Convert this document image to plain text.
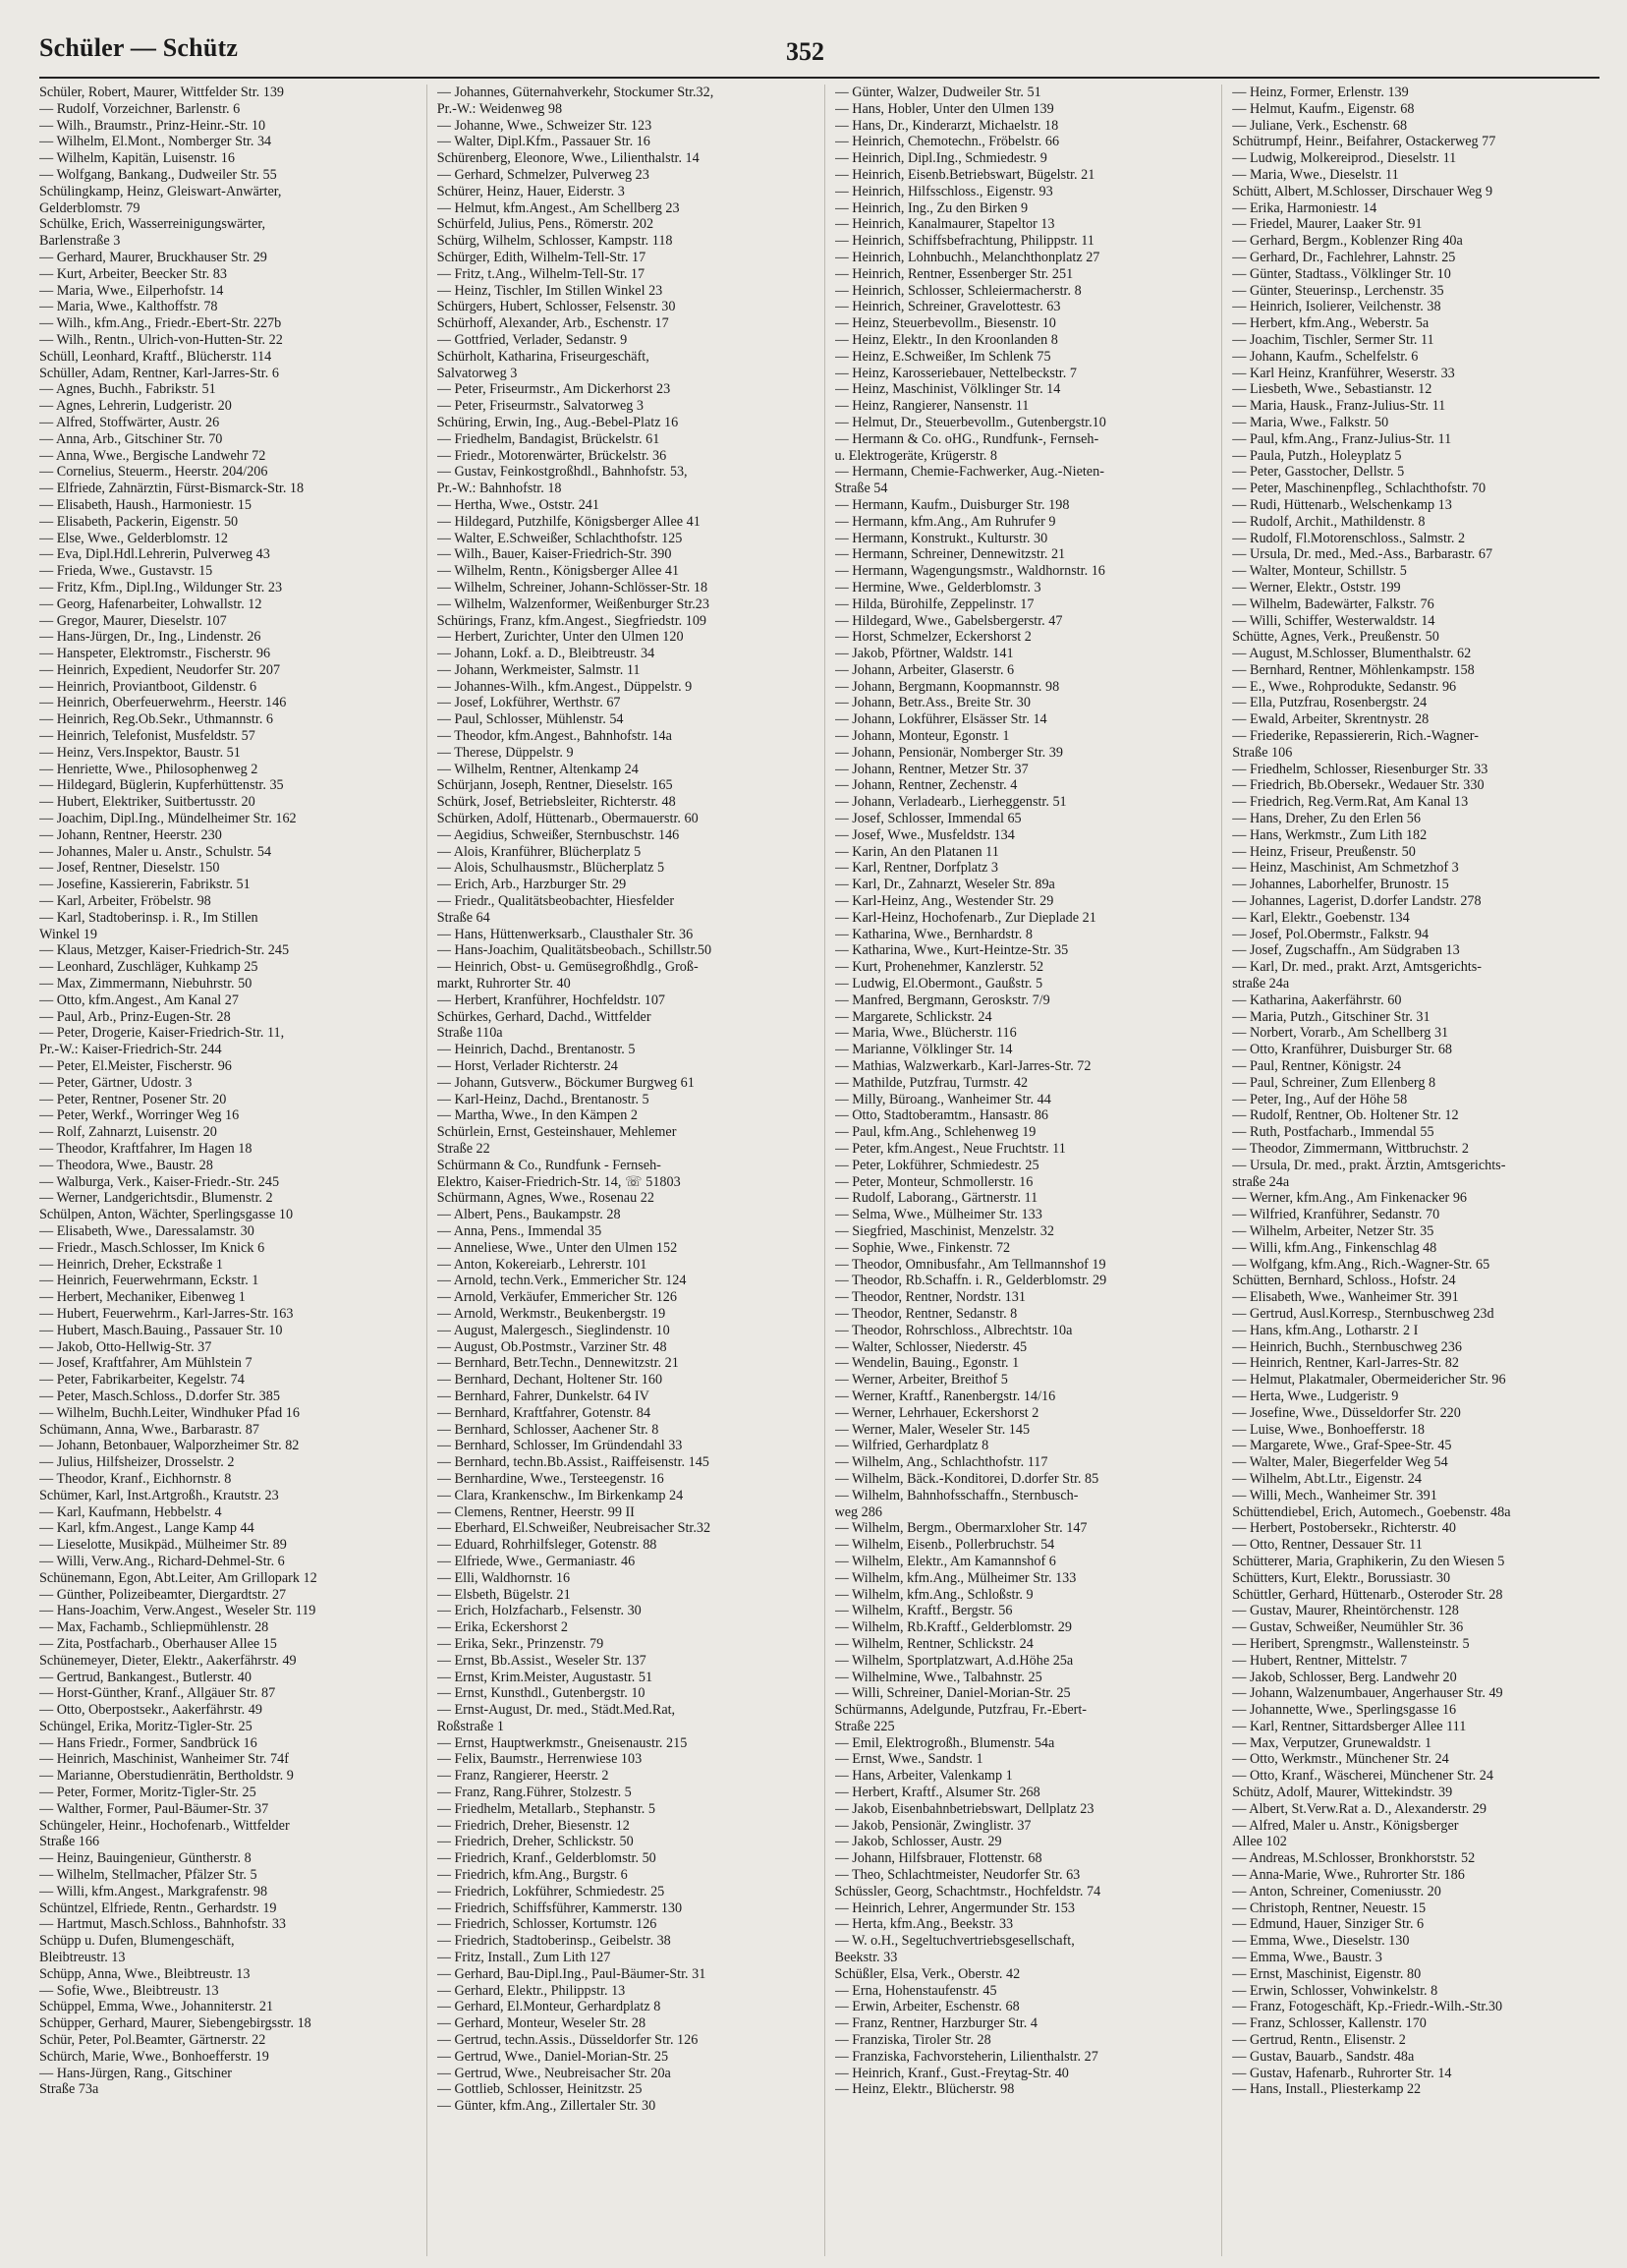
Schüler — Schütz	352
Schüler, Robert, Maurer, Wittfelder Str. 139
— Rudolf, Vorzeichner, Barlenstr. 6
— Wilh., Braumstr., Prinz-Heinr.-Str. 10
— Wilhelm, El.Mont., Nomberger Str. 34
— Wilhelm, Kapitän, Luisenstr. 16
— Wolfgang, Bankang., Dudweiler Str. 55
Schülingkamp, Heinz, Gleiswart-Anwärter,
Gelderblomstr. 79
Schülke, Erich, Wasserreinigungswärter,
Barlenstraße 3
— Gerhard, Maurer, Bruckhauser Str. 29
— Kurt, Arbeiter, Beecker Str. 83
— Maria, Wwe., Eilperhofstr. 14
— Maria, Wwe., Kalthoffstr. 78
— Wilh., kfm.Ang., Friedr.-Ebert-Str. 227b
— Wilh., Rentn., Ulrich-von-Hutten-Str. 22
Schüll, Leonhard, Kraftf., Blücherstr. 114
Schüller, Adam, Rentner, Karl-Jarres-Str. 6
— Agnes, Buchh., Fabrikstr. 51
— Agnes, Lehrerin, Ludgeristr. 20
— Alfred, Stoffwärter, Austr. 26
— Anna, Arb., Gitschiner Str. 70
— Anna, Wwe., Bergische Landwehr 72
— Cornelius, Steuerm., Heerstr. 204/206
— Elfriede, Zahnärztin, Fürst-Bismarck-Str. 18
— Elisabeth, Haush., Harmoniestr. 15
— Elisabeth, Packerin, Eigenstr. 50
— Else, Wwe., Gelderblomstr. 12
— Eva, Dipl.Hdl.Lehrerin, Pulverweg 43
— Frieda, Wwe., Gustavstr. 15
— Fritz, Kfm., Dipl.Ing., Wildunger Str. 23
— Georg, Hafenarbeiter, Lohwallstr. 12
— Gregor, Maurer, Dieselstr. 107
— Hans-Jürgen, Dr., Ing., Lindenstr. 26
— Hanspeter, Elektromstr., Fischerstr. 96
— Heinrich, Expedient, Neudorfer Str. 207
— Heinrich, Proviantboot, Gildenstr. 6
— Heinrich, Oberfeuerwehrm., Heerstr. 146
— Heinrich, Reg.Ob.Sekr., Uthmannstr. 6
— Heinrich, Telefonist, Musfeldstr. 57
— Heinz, Vers.Inspektor, Baustr. 51
— Henriette, Wwe., Philosophenweg 2
— Hildegard, Büglerin, Kupferhüttenstr. 35
— Hubert, Elektriker, Suitbertusstr. 20
— Joachim, Dipl.Ing., Mündelheimer Str. 162
— Johann, Rentner, Heerstr. 230
— Johannes, Maler u. Anstr., Schulstr. 54
— Josef, Rentner, Dieselstr. 150
— Josefine, Kassiererin, Fabrikstr. 51
— Karl, Arbeiter, Fröbelstr. 98
— Karl, Stadtoberinsp. i. R., Im Stillen
Winkel 19
— Klaus, Metzger, Kaiser-Friedrich-Str. 245
— Leonhard, Zuschläger, Kuhkamp 25
— Max, Zimmermann, Niebuhrstr. 50
— Otto, kfm.Angest., Am Kanal 27
— Paul, Arb., Prinz-Eugen-Str. 28
— Peter, Drogerie, Kaiser-Friedrich-Str. 11,
Pr.-W.: Kaiser-Friedrich-Str. 244
— Peter, El.Meister, Fischerstr. 96
— Peter, Gärtner, Udostr. 3
— Peter, Rentner, Posener Str. 20
— Peter, Werkf., Worringer Weg 16
— Rolf, Zahnarzt, Luisenstr. 20
— Theodor, Kraftfahrer, Im Hagen 18
— Theodora, Wwe., Baustr. 28
— Walburga, Verk., Kaiser-Friedr.-Str. 245
— Werner, Landgerichtsdir., Blumenstr. 2
Schülpen, Anton, Wächter, Sperlingsgasse 10
— Elisabeth, Wwe., Daressalamstr. 30
— Friedr., Masch.Schlosser, Im Knick 6
— Heinrich, Dreher, Eckstraße 1
— Heinrich, Feuerwehrmann, Eckstr. 1
— Herbert, Mechaniker, Eibenweg 1
— Hubert, Feuerwehrm., Karl-Jarres-Str. 163
— Hubert, Masch.Bauing., Passauer Str. 10
— Jakob, Otto-Hellwig-Str. 37
— Josef, Kraftfahrer, Am Mühlstein 7
— Peter, Fabrikarbeiter, Kegelstr. 74
— Peter, Masch.Schloss., D.dorfer Str. 385
— Wilhelm, Buchh.Leiter, Windhuker Pfad 16
Schümann, Anna, Wwe., Barbarastr. 87
— Johann, Betonbauer, Walporzheimer Str. 82
— Julius, Hilfsheizer, Drosselstr. 2
— Theodor, Kranf., Eichhornstr. 8
Schümer, Karl, Inst.Artgroßh., Krautstr. 23
— Karl, Kaufmann, Hebbelstr. 4
— Karl, kfm.Angest., Lange Kamp 44
— Lieselotte, Musikpäd., Mülheimer Str. 89
— Willi, Verw.Ang., Richard-Dehmel-Str. 6
Schünemann, Egon, Abt.Leiter, Am Grillopark 12
— Günther, Polizeibeamter, Diergardtstr. 27
— Hans-Joachim, Verw.Angest., Weseler Str. 119
— Max, Fachamb., Schliepmühlenstr. 28
— Zita, Postfacharb., Oberhauser Allee 15
Schünemeyer, Dieter, Elektr., Aakerfährstr. 49
— Gertrud, Bankangest., Butlerstr. 40
— Horst-Günther, Kranf., Allgäuer Str. 87
— Otto, Oberpostsekr., Aakerfährstr. 49
Schüngel, Erika, Moritz-Tigler-Str. 25
— Hans Friedr., Former, Sandbrück 16
— Heinrich, Maschinist, Wanheimer Str. 74f
— Marianne, Oberstudienrätin, Bertholdstr. 9
— Peter, Former, Moritz-Tigler-Str. 25
— Walther, Former, Paul-Bäumer-Str. 37
Schüngeler, Heinr., Hochofenarb., Wittfelder
Straße 166
— Heinz, Bauingenieur, Güntherstr. 8
— Wilhelm, Stellmacher, Pfälzer Str. 5
— Willi, kfm.Angest., Markgrafenstr. 98
Schüntzel, Elfriede, Rentn., Gerhardstr. 19
— Hartmut, Masch.Schloss., Bahnhofstr. 33
Schüpp u. Dufen, Blumengeschäft,
Bleibtreustr. 13
Schüpp, Anna, Wwe., Bleibtreustr. 13
— Sofie, Wwe., Bleibtreustr. 13
Schüppel, Emma, Wwe., Johanniterstr. 21
Schüpper, Gerhard, Maurer, Siebengebirgsstr. 18
Schür, Peter, Pol.Beamter, Gärtnerstr. 22
Schürch, Marie, Wwe., Bonhoefferstr. 19
— Hans-Jürgen, Rang., Gitschiner
Straße 73a
— Johannes, Güternahverkehr, Stockumer Str.32,
Pr.-W.: Weidenweg 98
— Johanne, Wwe., Schweizer Str. 123
— Walter, Dipl.Kfm., Passauer Str. 16
Schürenberg, Eleonore, Wwe., Lilienthalstr. 14
— Gerhard, Schmelzer, Pulverweg 23
Schürer, Heinz, Hauer, Eiderstr. 3
— Helmut, kfm.Angest., Am Schellberg 23
Schürfeld, Julius, Pens., Römerstr. 202
Schürg, Wilhelm, Schlosser, Kampstr. 118
Schürger, Edith, Wilhelm-Tell-Str. 17
— Fritz, t.Ang., Wilhelm-Tell-Str. 17
— Heinz, Tischler, Im Stillen Winkel 23
Schürgers, Hubert, Schlosser, Felsenstr. 30
Schürhoff, Alexander, Arb., Eschenstr. 17
— Gottfried, Verlader, Sedanstr. 9
Schürholt, Katharina, Friseurgeschäft,
Salvatorweg 3
— Peter, Friseurmstr., Am Dickerhorst 23
— Peter, Friseurmstr., Salvatorweg 3
Schüring, Erwin, Ing., Aug.-Bebel-Platz 16
— Friedhelm, Bandagist, Brückelstr. 61
— Friedr., Motorenwärter, Brückelstr. 36
— Gustav, Feinkostgroßhdl., Bahnhofstr. 53,
Pr.-W.: Bahnhofstr. 18
— Hertha, Wwe., Oststr. 241
— Hildegard, Putzhilfe, Königsberger Allee 41
— Walter, E.Schweißer, Schlachthofstr. 125
— Wilh., Bauer, Kaiser-Friedrich-Str. 390
— Wilhelm, Rentn., Königsberger Allee 41
— Wilhelm, Schreiner, Johann-Schlösser-Str. 18
— Wilhelm, Walzenformer, Weißenburger Str.23
Schürings, Franz, kfm.Angest., Siegfriedstr. 109
— Herbert, Zurichter, Unter den Ulmen 120
— Johann, Lokf. a. D., Bleibtreustr. 34
— Johann, Werkmeister, Salmstr. 11
— Johannes-Wilh., kfm.Angest., Düppelstr. 9
— Josef, Lokführer, Werthstr. 67
— Paul, Schlosser, Mühlenstr. 54
— Theodor, kfm.Angest., Bahnhofstr. 14a
— Therese, Düppelstr. 9
— Wilhelm, Rentner, Altenkamp 24
Schürjann, Joseph, Rentner, Dieselstr. 165
Schürk, Josef, Betriebsleiter, Richterstr. 48
Schürken, Adolf, Hüttenarb., Obermauerstr. 60
— Aegidius, Schweißer, Sternbuschstr. 146
— Alois, Kranführer, Blücherplatz 5
— Alois, Schulhausmstr., Blücherplatz 5
— Erich, Arb., Harzburger Str. 29
— Friedr., Qualitätsbeobachter, Hiesfelder
Straße 64
— Hans, Hüttenwerksarb., Clausthaler Str. 36
— Hans-Joachim, Qualitätsbeobach., Schillstr.50
— Heinrich, Obst- u. Gemüsegroßhdlg., Groß-
markt, Ruhrorter Str. 40
— Herbert, Kranführer, Hochfeldstr. 107
Schürkes, Gerhard, Dachd., Wittfelder
Straße 110a
— Heinrich, Dachd., Brentanostr. 5
— Horst, Verlader Richterstr. 24
— Johann, Gutsverw., Böckumer Burgweg 61
— Karl-Heinz, Dachd., Brentanostr. 5
— Martha, Wwe., In den Kämpen 2
Schürlein, Ernst, Gesteinshauer, Mehlemer
Straße 22
Schürmann & Co., Rundfunk - Fernseh-
Elektro, Kaiser-Friedrich-Str. 14, ☏ 51803
Schürmann, Agnes, Wwe., Rosenau 22
— Albert, Pens., Baukampstr. 28
— Anna, Pens., Immendal 35
— Anneliese, Wwe., Unter den Ulmen 152
— Anton, Kokereiarb., Lehrerstr. 101
— Arnold, techn.Verk., Emmericher Str. 124
— Arnold, Verkäufer, Emmericher Str. 126
— Arnold, Werkmstr., Beukenbergstr. 19
— August, Malergesch., Sieglindenstr. 10
— August, Ob.Postmstr., Varziner Str. 48
— Bernhard, Betr.Techn., Dennewitzstr. 21
— Bernhard, Dechant, Holtener Str. 160
— Bernhard, Fahrer, Dunkelstr. 64 IV
— Bernhard, Kraftfahrer, Gotenstr. 84
— Bernhard, Schlosser, Aachener Str. 8
— Bernhard, Schlosser, Im Gründendahl 33
— Bernhard, techn.Bb.Assist., Raiffeisenstr. 145
— Bernhardine, Wwe., Tersteegenstr. 16
— Clara, Krankenschw., Im Birkenkamp 24
— Clemens, Rentner, Heerstr. 99 II
— Eberhard, El.Schweißer, Neubreisacher Str.32
— Eduard, Rohrhilfsleger, Gotenstr. 88
— Elfriede, Wwe., Germaniastr. 46
— Elli, Waldhornstr. 16
— Elsbeth, Bügelstr. 21
— Erich, Holzfacharb., Felsenstr. 30
— Erika, Eckershorst 2
— Erika, Sekr., Prinzenstr. 79
— Ernst, Bb.Assist., Weseler Str. 137
— Ernst, Krim.Meister, Augustastr. 51
— Ernst, Kunsthdl., Gutenbergstr. 10
— Ernst-August, Dr. med., Städt.Med.Rat,
Roßstraße 1
— Ernst, Hauptwerkmstr., Gneisenaustr. 215
— Felix, Baumstr., Herrenwiese 103
— Franz, Rangierer, Heerstr. 2
— Franz, Rang.Führer, Stolzestr. 5
— Friedhelm, Metallarb., Stephanstr. 5
— Friedrich, Dreher, Biesenstr. 12
— Friedrich, Dreher, Schlickstr. 50
— Friedrich, Kranf., Gelderblomstr. 50
— Friedrich, kfm.Ang., Burgstr. 6
— Friedrich, Lokführer, Schmiedestr. 25
— Friedrich, Schiffsführer, Kammerstr. 130
— Friedrich, Schlosser, Kortumstr. 126
— Friedrich, Stadtoberinsp., Geibelstr. 38
— Fritz, Install., Zum Lith 127
— Gerhard, Bau-Dipl.Ing., Paul-Bäumer-Str. 31
— Gerhard, Elektr., Philippstr. 13
— Gerhard, El.Monteur, Gerhardplatz 8
— Gerhard, Monteur, Weseler Str. 28
— Gertrud, techn.Assis., Düsseldorfer Str. 126
— Gertrud, Wwe., Daniel-Morian-Str. 25
— Gertrud, Wwe., Neubreisacher Str. 20a
— Gottlieb, Schlosser, Heinitzstr. 25
— Günter, kfm.Ang., Zillertaler Str. 30
— Günter, Walzer, Dudweiler Str. 51
— Hans, Hobler, Unter den Ulmen 139
— Hans, Dr., Kinderarzt, Michaelstr. 18
— Heinrich, Chemotechn., Fröbelstr. 66
— Heinrich, Dipl.Ing., Schmiedestr. 9
— Heinrich, Eisenb.Betriebswart, Bügelstr. 21
— Heinrich, Hilfsschloss., Eigenstr. 93
— Heinrich, Ing., Zu den Birken 9
— Heinrich, Kanalmaurer, Stapeltor 13
— Heinrich, Schiffsbefrachtung, Philippstr. 11
— Heinrich, Lohnbuchh., Melanchthonplatz 27
— Heinrich, Rentner, Essenberger Str. 251
— Heinrich, Schlosser, Schleiermacherstr. 8
— Heinrich, Schreiner, Gravelottestr. 63
— Heinz, Steuerbevollm., Biesenstr. 10
— Heinz, Elektr., In den Kroonlanden 8
— Heinz, E.Schweißer, Im Schlenk 75
— Heinz, Karosseriebauer, Nettelbeckstr. 7
— Heinz, Maschinist, Völklinger Str. 14
— Heinz, Rangierer, Nansenstr. 11
— Helmut, Dr., Steuerbevollm., Gutenbergstr.10
— Hermann & Co. oHG., Rundfunk-, Fernseh-
u. Elektrogeräte, Krügerstr. 8
— Hermann, Chemie-Fachwerker, Aug.-Nieten-
Straße 54
— Hermann, Kaufm., Duisburger Str. 198
— Hermann, kfm.Ang., Am Ruhrufer 9
— Hermann, Konstrukt., Kulturstr. 30
— Hermann, Schreiner, Dennewitzstr. 21
— Hermann, Wagengungsmstr., Waldhornstr. 16
— Hermine, Wwe., Gelderblomstr. 3
— Hilda, Bürohilfe, Zeppelinstr. 17
— Hildegard, Wwe., Gabelsbergerstr. 47
— Horst, Schmelzer, Eckershorst 2
— Jakob, Pförtner, Waldstr. 141
— Johann, Arbeiter, Glaserstr. 6
— Johann, Bergmann, Koopmannstr. 98
— Johann, Betr.Ass., Breite Str. 30
— Johann, Lokführer, Elsässer Str. 14
— Johann, Monteur, Egonstr. 1
— Johann, Pensionär, Nomberger Str. 39
— Johann, Rentner, Metzer Str. 37
— Johann, Rentner, Zechenstr. 4
— Johann, Verladearb., Lierheggenstr. 51
— Josef, Schlosser, Immendal 65
— Josef, Wwe., Musfeldstr. 134
— Karin, An den Platanen 11
— Karl, Rentner, Dorfplatz 3
— Karl, Dr., Zahnarzt, Weseler Str. 89a
— Karl-Heinz, Ang., Westender Str. 29
— Karl-Heinz, Hochofenarb., Zur Dieplade 21
— Katharina, Wwe., Bernhardstr. 8
— Katharina, Wwe., Kurt-Heintze-Str. 35
— Kurt, Prohenehmer, Kanzlerstr. 52
— Ludwig, El.Obermont., Gaußstr. 5
— Manfred, Bergmann, Geroskstr. 7/9
— Margarete, Schlickstr. 24
— Maria, Wwe., Blücherstr. 116
— Marianne, Völklinger Str. 14
— Mathias, Walzwerkarb., Karl-Jarres-Str. 72
— Mathilde, Putzfrau, Turmstr. 42
— Milly, Büroang., Wanheimer Str. 44
— Otto, Stadtoberamtm., Hansastr. 86
— Paul, kfm.Ang., Schlehenweg 19
— Peter, kfm.Angest., Neue Fruchtstr. 11
— Peter, Lokführer, Schmiedestr. 25
— Peter, Monteur, Schmollerstr. 16
— Rudolf, Laborang., Gärtnerstr. 11
— Selma, Wwe., Mülheimer Str. 133
— Siegfried, Maschinist, Menzelstr. 32
— Sophie, Wwe., Finkenstr. 72
— Theodor, Omnibusfahr., Am Tellmannshof 19
— Theodor, Rb.Schaffn. i. R., Gelderblomstr. 29
— Theodor, Rentner, Nordstr. 131
— Theodor, Rentner, Sedanstr. 8
— Theodor, Rohrschloss., Albrechtstr. 10a
— Walter, Schlosser, Niederstr. 45
— Wendelin, Bauing., Egonstr. 1
— Werner, Arbeiter, Breithof 5
— Werner, Kraftf., Ranenbergstr. 14/16
— Werner, Lehrhauer, Eckershorst 2
— Werner, Maler, Weseler Str. 145
— Wilfried, Gerhardplatz 8
— Wilhelm, Ang., Schlachthofstr. 117
— Wilhelm, Bäck.-Konditorei, D.dorfer Str. 85
— Wilhelm, Bahnhofsschaffn., Sternbusch-
weg 286
— Wilhelm, Bergm., Obermarxloher Str. 147
— Wilhelm, Eisenb., Pollerbruchstr. 54
— Wilhelm, Elektr., Am Kamannshof 6
— Wilhelm, kfm.Ang., Mülheimer Str. 133
— Wilhelm, kfm.Ang., Schloßstr. 9
— Wilhelm, Kraftf., Bergstr. 56
— Wilhelm, Rb.Kraftf., Gelderblomstr. 29
— Wilhelm, Rentner, Schlickstr. 24
— Wilhelm, Sportplatzwart, A.d.Höhe 25a
— Wilhelmine, Wwe., Talbahnstr. 25
— Willi, Schreiner, Daniel-Morian-Str. 25
Schürmanns, Adelgunde, Putzfrau, Fr.-Ebert-
Straße 225
— Emil, Elektrogroßh., Blumenstr. 54a
— Ernst, Wwe., Sandstr. 1
— Hans, Arbeiter, Valenkamp 1
— Herbert, Kraftf., Alsumer Str. 268
— Jakob, Eisenbahnbetriebswart, Dellplatz 23
— Jakob, Pensionär, Zwinglistr. 37
— Jakob, Schlosser, Austr. 29
— Johann, Hilfsbrauer, Flottenstr. 68
— Theo, Schlachtmeister, Neudorfer Str. 63
Schüssler, Georg, Schachtmstr., Hochfeldstr. 74
— Heinrich, Lehrer, Angermunder Str. 153
— Herta, kfm.Ang., Beekstr. 33
— W. o.H., Segeltuchvertriebsgesellschaft,
Beekstr. 33
Schüßler, Elsa, Verk., Oberstr. 42
— Erna, Hohenstaufenstr. 45
— Erwin, Arbeiter, Eschenstr. 68
— Franz, Rentner, Harzburger Str. 4
— Franziska, Tiroler Str. 28
— Franziska, Fachvorsteherin, Lilienthalstr. 27
— Heinrich, Kranf., Gust.-Freytag-Str. 40
— Heinz, Elektr., Blücherstr. 98
— Heinz, Former, Erlenstr. 139
— Helmut, Kaufm., Eigenstr. 68
— Juliane, Verk., Eschenstr. 68
Schütrumpf, Heinr., Beifahrer, Ostackerweg 77
— Ludwig, Molkereiprod., Dieselstr. 11
— Maria, Wwe., Dieselstr. 11
Schütt, Albert, M.Schlosser, Dirschauer Weg 9
— Erika, Harmoniestr. 14
— Friedel, Maurer, Laaker Str. 91
— Gerhard, Bergm., Koblenzer Ring 40a
— Gerhard, Dr., Fachlehrer, Lahnstr. 25
— Günter, Stadtass., Völklinger Str. 10
— Günter, Steuerinsp., Lerchenstr. 35
— Heinrich, Isolierer, Veilchenstr. 38
— Herbert, kfm.Ang., Weberstr. 5a
— Joachim, Tischler, Sermer Str. 11
— Johann, Kaufm., Schelfelstr. 6
— Karl Heinz, Kranführer, Weserstr. 33
— Liesbeth, Wwe., Sebastianstr. 12
— Maria, Hausk., Franz-Julius-Str. 11
— Maria, Wwe., Falkstr. 50
— Paul, kfm.Ang., Franz-Julius-Str. 11
— Paula, Putzh., Holeyplatz 5
— Peter, Gasstocher, Dellstr. 5
— Peter, Maschinenpfleg., Schlachthofstr. 70
— Rudi, Hüttenarb., Welschenkamp 13
— Rudolf, Archit., Mathildenstr. 8
— Rudolf, Fl.Motorenschloss., Salmstr. 2
— Ursula, Dr. med., Med.-Ass., Barbarastr. 67
— Walter, Monteur, Schillstr. 5
— Werner, Elektr., Oststr. 199
— Wilhelm, Badewärter, Falkstr. 76
— Willi, Schiffer, Westerwaldstr. 14
Schütte, Agnes, Verk., Preußenstr. 50
— August, M.Schlosser, Blumenthalstr. 62
— Bernhard, Rentner, Möhlenkampstr. 158
— E., Wwe., Rohprodukte, Sedanstr. 96
— Ella, Putzfrau, Rosenbergstr. 24
— Ewald, Arbeiter, Skrentnystr. 28
— Friederike, Repassiererin, Rich.-Wagner-
Straße 106
— Friedhelm, Schlosser, Riesenburger Str. 33
— Friedrich, Bb.Obersekr., Wedauer Str. 330
— Friedrich, Reg.Verm.Rat, Am Kanal 13
— Hans, Dreher, Zu den Erlen 56
— Hans, Werkmstr., Zum Lith 182
— Heinz, Friseur, Preußenstr. 50
— Heinz, Maschinist, Am Schmetzhof 3
— Johannes, Laborhelfer, Brunostr. 15
— Johannes, Lagerist, D.dorfer Landstr. 278
— Karl, Elektr., Goebenstr. 134
— Josef, Pol.Obermstr., Falkstr. 94
— Josef, Zugschaffn., Am Südgraben 13
— Karl, Dr. med., prakt. Arzt, Amtsgerichts-
straße 24a
— Katharina, Aakerfährstr. 60
— Maria, Putzh., Gitschiner Str. 31
— Norbert, Vorarb., Am Schellberg 31
— Otto, Kranführer, Duisburger Str. 68
— Paul, Rentner, Königstr. 24
— Paul, Schreiner, Zum Ellenberg 8
— Peter, Ing., Auf der Höhe 58
— Rudolf, Rentner, Ob. Holtener Str. 12
— Ruth, Postfacharb., Immendal 55
— Theodor, Zimmermann, Wittbruchstr. 2
— Ursula, Dr. med., prakt. Ärztin, Amtsgerichts-
straße 24a
— Werner, kfm.Ang., Am Finkenacker 96
— Wilfried, Kranführer, Sedanstr. 70
— Wilhelm, Arbeiter, Netzer Str. 35
— Willi, kfm.Ang., Finkenschlag 48
— Wolfgang, kfm.Ang., Rich.-Wagner-Str. 65
Schütten, Bernhard, Schloss., Hofstr. 24
— Elisabeth, Wwe., Wanheimer Str. 391
— Gertrud, Ausl.Korresp., Sternbuschweg 23d
— Hans, kfm.Ang., Lotharstr. 2 I
— Heinrich, Buchh., Sternbuschweg 236
— Heinrich, Rentner, Karl-Jarres-Str. 82
— Helmut, Plakatmaler, Obermeidericher Str. 96
— Herta, Wwe., Ludgeristr. 9
— Josefine, Wwe., Düsseldorfer Str. 220
— Luise, Wwe., Bonhoefferstr. 18
— Margarete, Wwe., Graf-Spee-Str. 45
— Walter, Maler, Biegerfelder Weg 54
— Wilhelm, Abt.Ltr., Eigenstr. 24
— Willi, Mech., Wanheimer Str. 391
Schüttendiebel, Erich, Automech., Goebenstr. 48a
— Herbert, Postobersekr., Richterstr. 40
— Otto, Rentner, Dessauer Str. 11
Schütterer, Maria, Graphikerin, Zu den Wiesen 5
Schütters, Kurt, Elektr., Borussiastr. 30
Schüttler, Gerhard, Hüttenarb., Osteroder Str. 28
— Gustav, Maurer, Rheintörchenstr. 128
— Gustav, Schweißer, Neumühler Str. 36
— Heribert, Sprengmstr., Wallensteinstr. 5
— Hubert, Rentner, Mittelstr. 7
— Jakob, Schlosser, Berg. Landwehr 20
— Johann, Walzenumbauer, Angerhauser Str. 49
— Johannette, Wwe., Sperlingsgasse 16
— Karl, Rentner, Sittardsberger Allee 111
— Max, Verputzer, Grunewaldstr. 1
— Otto, Werkmstr., Münchener Str. 24
— Otto, Kranf., Wäscherei, Münchener Str. 24
Schütz, Adolf, Maurer, Wittekindstr. 39
— Albert, St.Verw.Rat a. D., Alexanderstr. 29
— Alfred, Maler u. Anstr., Königsberger
Allee 102
— Andreas, M.Schlosser, Bronkhorststr. 52
— Anna-Marie, Wwe., Ruhrorter Str. 186
— Anton, Schreiner, Comeniusstr. 20
— Christoph, Rentner, Neuestr. 15
— Edmund, Hauer, Sinziger Str. 6
— Emma, Wwe., Dieselstr. 130
— Emma, Wwe., Baustr. 3
— Ernst, Maschinist, Eigenstr. 80
— Erwin, Schlosser, Vohwinkelstr. 8
— Franz, Fotogeschäft, Kp.-Friedr.-Wilh.-Str.30
— Franz, Schlosser, Kallenstr. 170
— Gertrud, Rentn., Elisenstr. 2
— Gustav, Bauarb., Sandstr. 48a
— Gustav, Hafenarb., Ruhrorter Str. 14
— Hans, Install., Pliesterkamp 22
